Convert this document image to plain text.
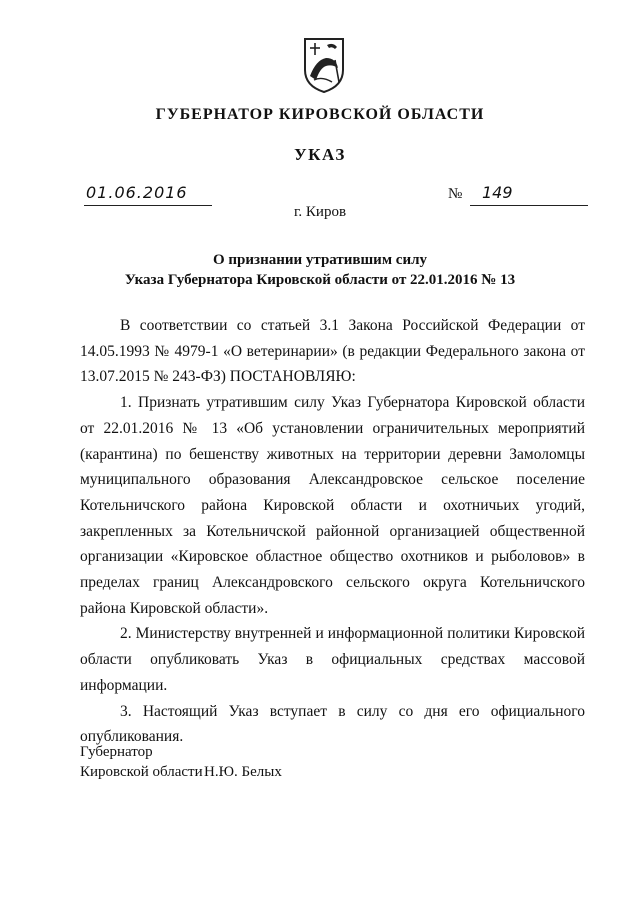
ГУБЕРНАТОР КИРОВСКОЙ ОБЛАСТИ
УКАЗ
01.06.2016	№ 149
г. Киров
О признании утратившим силу
Указа Губернатора Кировской области от 22.01.2016 № 13

В соответствии со статьей 3.1 Закона Российской Федерации от 14.05.1993 № 4979-1 «О ветеринарии» (в редакции Федерального закона от 13.07.2015 № 243-ФЗ) ПОСТАНОВЛЯЮ:

1. Признать утратившим силу Указ Губернатора Кировской области от 22.01.2016 № 13 «Об установлении ограничительных мероприятий (карантина) по бешенству животных на территории деревни Замоломцы муниципального образования Александровское сельское поселение Котельничского района Кировской области и охотничьих угодий, закрепленных за Котельничской районной организацией общественной организации «Кировское областное общество охотников и рыболовов» в пределах границ Александровского сельского округа Котельничского района Кировской области».

2. Министерству внутренней и информационной политики Кировской области опубликовать Указ в официальных средствах массовой информации.

3. Настоящий Указ вступает в силу со дня его официального опубликования.

Губернатор
Кировской области Н.Ю. Белых
